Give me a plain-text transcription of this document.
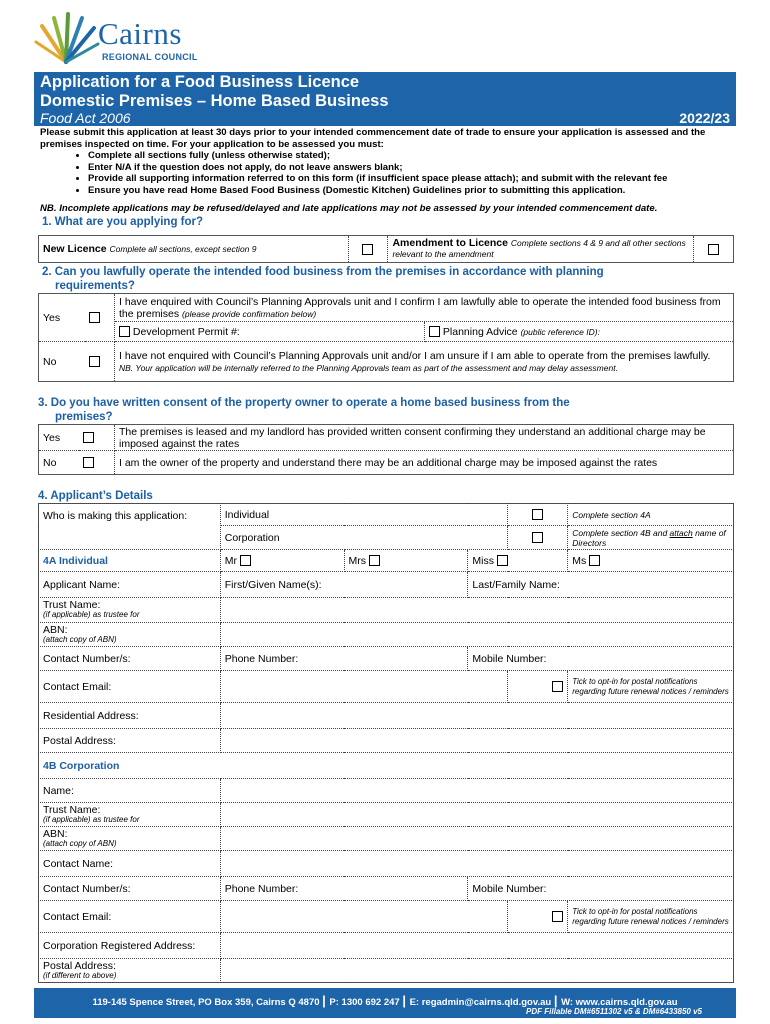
Cairns
REGIONAL COUNCIL
Application for a Food Business Licence
Domestic Premises – Home Based Business
Food Act 2006	2022/23
Please submit this application at least 30 days prior to your intended commencement date of trade to ensure your application is assessed and the premises inspected on time. For your application to be assessed you must:
• Complete all sections fully (unless otherwise stated);
• Enter N/A if the question does not apply, do not leave answers blank;
• Provide all supporting information referred to on this form (if insufficient space please attach); and submit with the relevant fee
• Ensure you have read Home Based Food Business (Domestic Kitchen) Guidelines prior to submitting this application.
NB. Incomplete applications may be refused/delayed and late applications may not be assessed by your intended commencement date.
1. What are you applying for?
New Licence Complete all sections, except section 9		Amendment to Licence Complete sections 4 & 9 and all other sections relevant to the amendment	
2. Can you lawfully operate the intended food business from the premises in accordance with planning
requirements?
Yes		I have enquired with Council’s Planning Approvals unit and I confirm I am lawfully able to operate the intended food business from the premises (please provide confirmation below)	
		Development Permit #:	Planning Advice (public reference ID):
No		I have not enquired with Council’s Planning Approvals unit and/or I am unsure if I am able to operate from the premises lawfully.
NB. Your application will be internally referred to the Planning Approvals team as part of the assessment and may delay assessment.	
3. Do you have written consent of the property owner to operate a home based business from the
premises?
Yes		The premises is leased and my landlord has provided written consent confirming they understand an additional charge may be imposed against the rates
No		I am the owner of the property and understand there may be an additional charge may be imposed against the rates
4. Applicant’s Details
Who is making this application:	Individual				Complete section 4A
	Corporation				Complete section 4B and attach name of Directors
4A Individual	Mr	Mrs	Miss		Ms
Applicant Name:	First/Given Name(s):		Last/Family Name:		

Trust Name:
(if applicable) as trustee for					

ABN:
(attach copy of ABN)					

Contact Number/s:	Phone Number:		Mobile Number:		
Contact Email:					Tick to opt-in for postal notifications regarding future renewal notices / reminders
Residential Address:					
Postal Address:					
4B Corporation					
Name:					

Trust Name:
(if applicable) as trustee for					

ABN:
(attach copy of ABN)					

Contact Name:					
Contact Number/s:	Phone Number:		Mobile Number:		
Contact Email:					Tick to opt-in for postal notifications regarding future renewal notices / reminders
Corporation Registered Address:					

Postal Address:
(if different to above)					

119-145 Spence Street, PO Box 359, Cairns Q 4870 | P: 1300 692 247 | E: regadmin@cairns.qld.gov.au | W: www.cairns.qld.gov.au
PDF Fillable DM#6511302 v5 & DM#6433850 v5
